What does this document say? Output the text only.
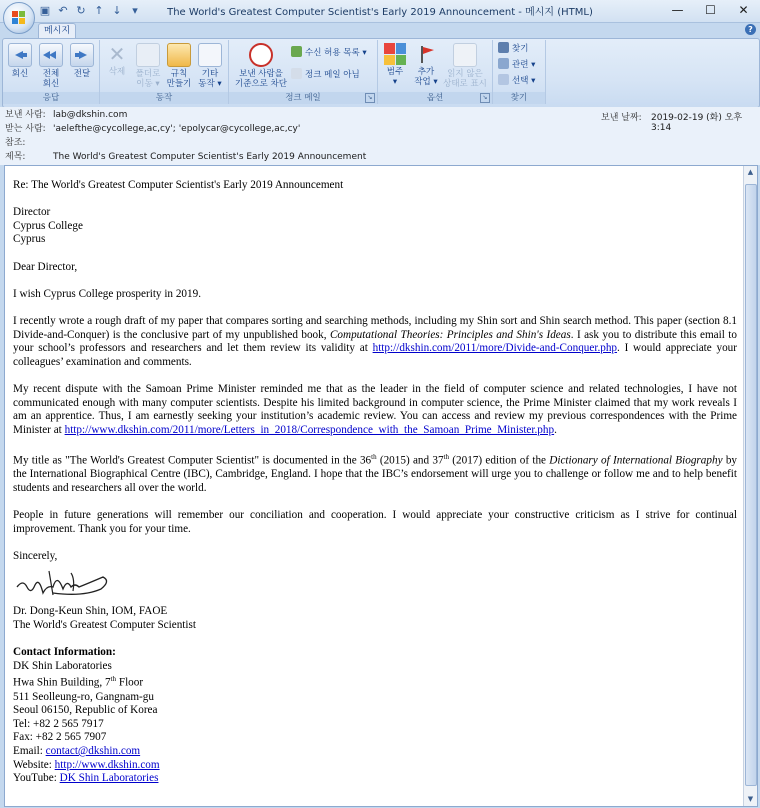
The World's Greatest Computer Scientist's Early 2019 Announcement - 메시지 (HTML)
▣ ↶ ↻ ↑ ↓ ▾	—	☐	✕
메시지	?
회신	전체
회신
전달
응답
✕
삭제	폴더로
이동 ▾
규칙
만들기
기타
동작 ▾
동작
보낸 사람을
기준으로 차단
수신 허용 목록 ▾
정크 메일 아님
정크 메일	↘
범주
▾
추가
작업 ▾
읽지 않은
상태로 표시
옵션	↘
찾기
관련 ▾
선택 ▾
찾기
보낸 사람: lab@dkshin.com	보낸 날짜: 2019-02-19 (화) 오후 3:14
받는 사람: 'aelefthe@cycollege,ac,cy'; 'epolycar@cycollege,ac,cy'
참조:
제목:	The World's Greatest Computer Scientist's Early 2019 Announcement

Re: The World's Greatest Computer Scientist's Early 2019 Announcement

Director
Cyprus College
Cyprus

Dear Director,

I wish Cyprus College prosperity in 2019.

I recently wrote a rough draft of my paper that compares sorting and searching methods, including my Shin sort and Shin search method. This paper (section 8.1 Divide-and-Conquer) is the conclusive part of my unpublished book, Computational Theories: Principles and Shin's Ideas. I ask you to distribute this email to your school’s professors and researchers and let them review its validity at http://dkshin.com/2011/more/Divide-and-Conquer.php. I would appreciate your colleagues’ examination and comments.

My recent dispute with the Samoan Prime Minister reminded me that as the leader in the field of computer science and related technologies, I have not communicated enough with many computer scientists. Despite his limited background in computer science, the Prime Minister claimed that my work reveals I am an apprentice. Thus, I am earnestly seeking your institution’s academic review. You can access and review my previous correspondences with the Prime Minister at http://www.dkshin.com/2011/more/Letters_in_2018/Correspondence_with_the_Samoan_Prime_Minister.php.

My title as "The World's Greatest Computer Scientist" is documented in the 36th (2015) and 37th (2017) edition of the Dictionary of International Biography by the International Biographical Centre (IBC), Cambridge, England. I hope that the IBC’s endorsement will urge you to challenge or follow me and to help benefit students and researchers all over the world.

People in future generations will remember our conciliation and cooperation. I would appreciate your constructive criticism as I strive for continual improvement. Thank you for your time.

Sincerely,
Dr. Dong-Keun Shin, IOM, FAOE
The World's Greatest Computer Scientist
Contact Information:
DK Shin Laboratories
Hwa Shin Building, 7th Floor
511 Seolleung-ro, Gangnam-gu
Seoul 06150, Republic of Korea
Tel: +82 2 565 7917
Fax: +82 2 565 7907
Email: contact@dkshin.com
Website: http://www.dkshin.com
YouTube: DK Shin Laboratories
▲
▼
